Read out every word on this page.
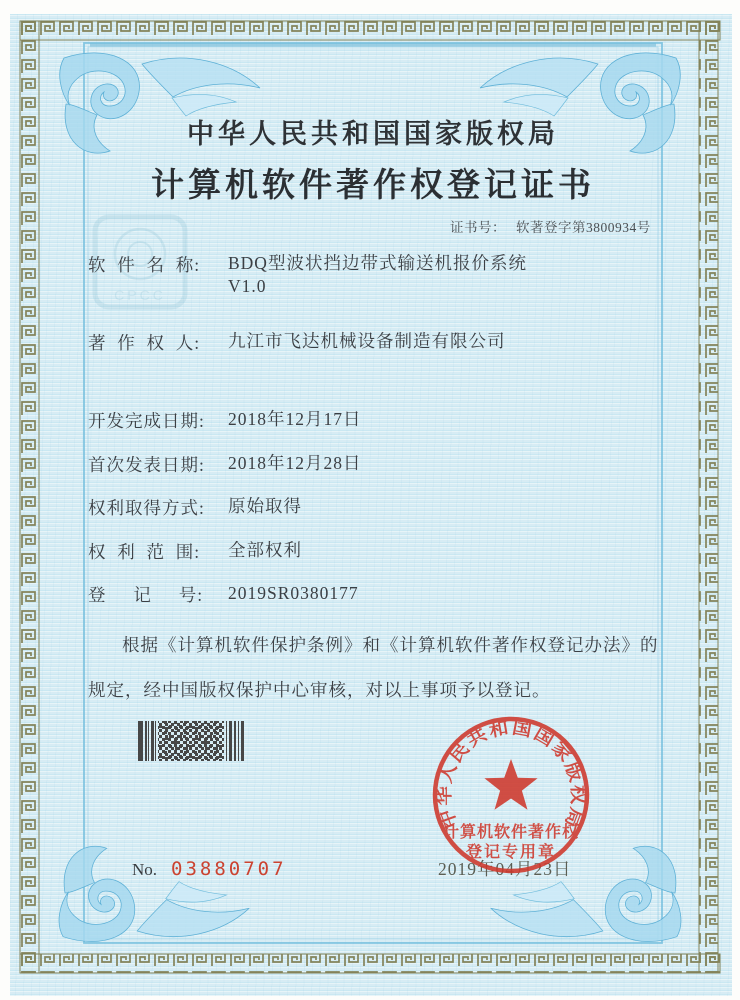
CPCC
中华人民共和国国家版权局
计算机软件著作权登记证书
证书号： 软著登字第3800934号
软  件  名  称: BDQ型波状挡边带式输送机报价系统
V1.0
著  作  权  人: 九江市飞达机械设备制造有限公司
开发完成日期: 2018年12月17日
首次发表日期: 2018年12月28日
权利取得方式: 原始取得
权  利  范  围: 全部权利
登     记     号: 2019SR0380177
根据《计算机软件保护条例》和《计算机软件著作权登记办法》的
规定，经中国版权保护中心审核，对以上事项予以登记。
No. 03880707	2019年04月23日
中华人民共和国国家版权局
计算机软件著作权
登记专用章
